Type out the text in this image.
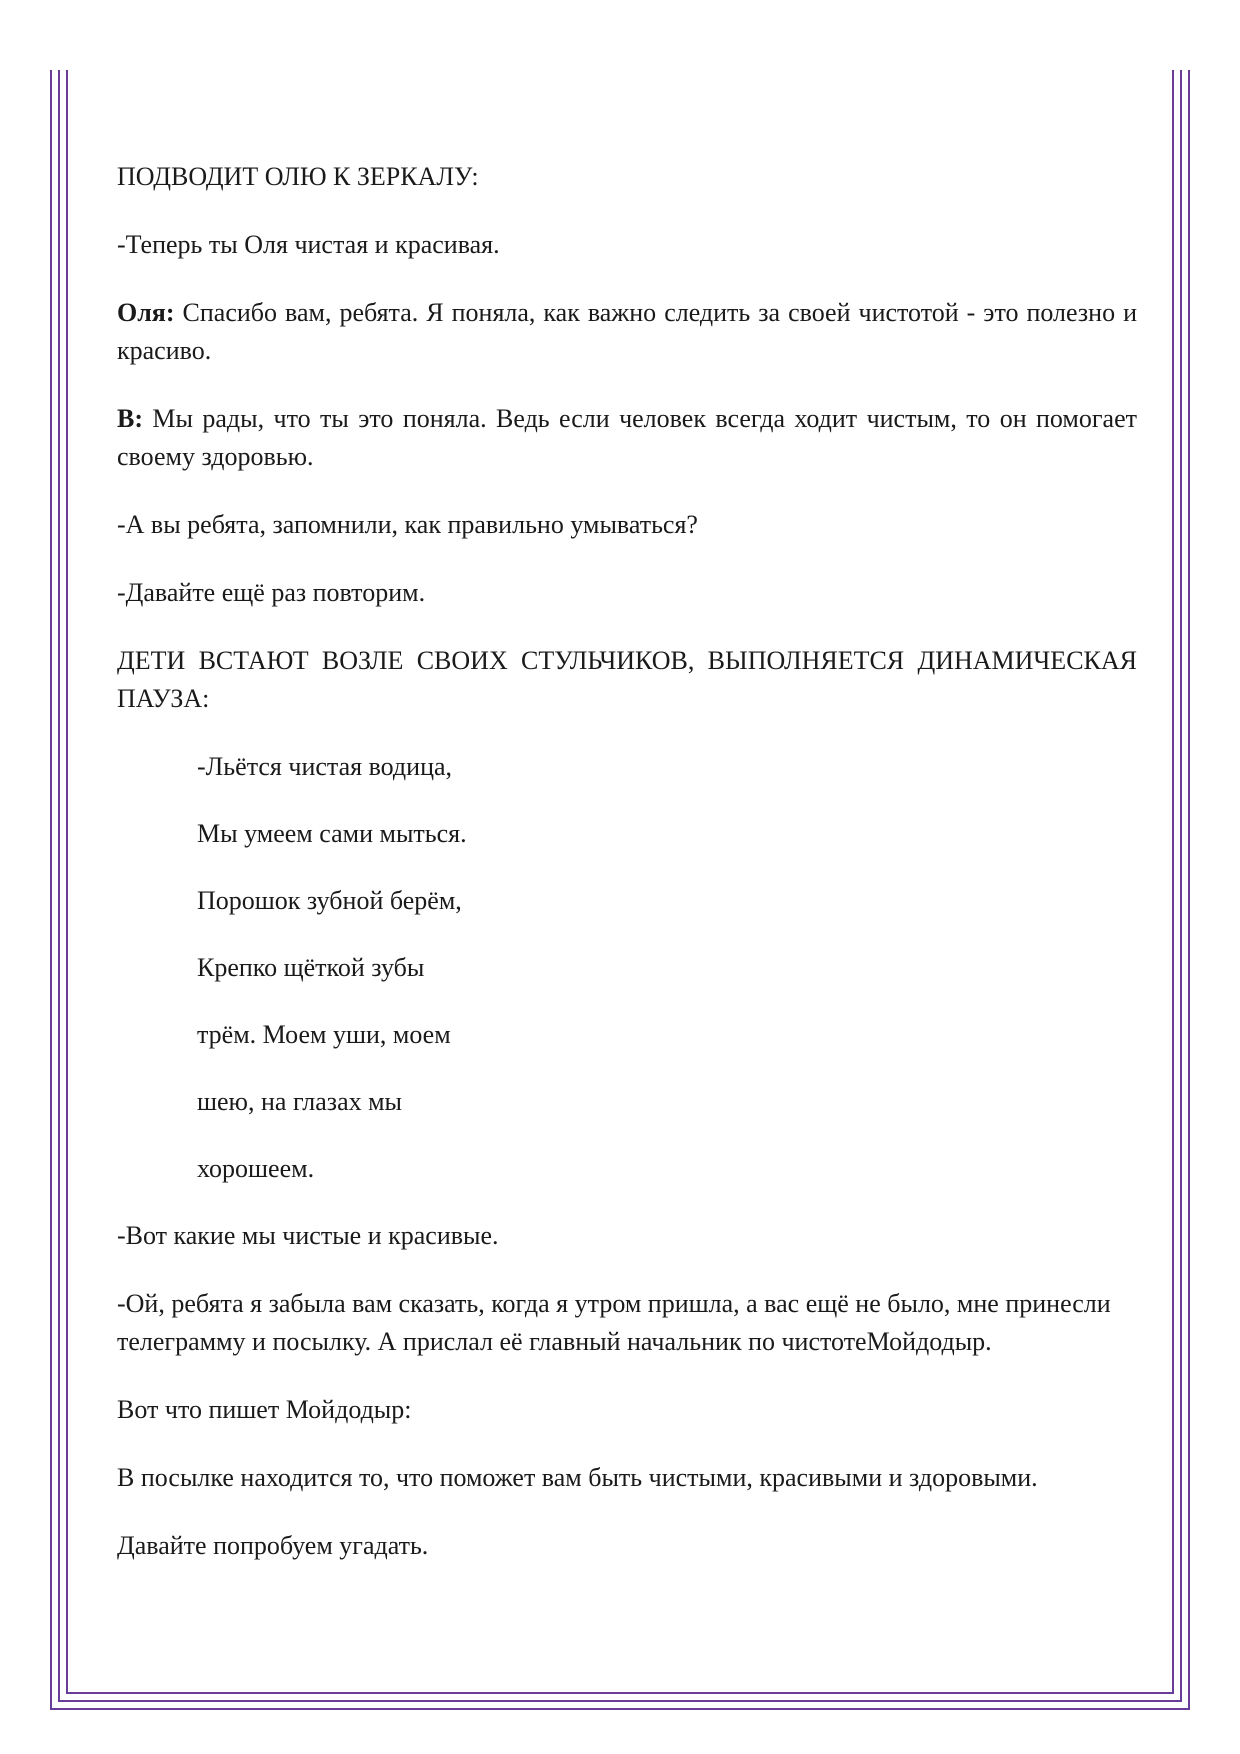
ПОДВОДИТ ОЛЮ К ЗЕРКАЛУ:

-Теперь ты Оля чистая и красивая.

Оля: Спасибо вам, ребята. Я поняла, как важно следить за своей чистотой - это полезно и красиво.

В: Мы рады, что ты это поняла. Ведь если человек всегда ходит чистым, то он помогает своему здоровью.

-А вы ребята, запомнили, как правильно умываться?

-Давайте ещё раз повторим.

ДЕТИ ВСТАЮТ ВОЗЛЕ СВОИХ СТУЛЬЧИКОВ, ВЫПОЛНЯЕТСЯ ДИНАМИЧЕСКАЯ ПАУЗА:

-Льётся чистая водица,

Мы умеем сами мыться.

Порошок зубной берём,

Крепко щёткой зубы

трём. Моем уши, моем

шею, на глазах мы

хорошеем.

-Вот какие мы чистые и красивые.

-Ой, ребята я забыла вам сказать, когда я утром пришла, а вас ещё не было, мне принесли телеграмму и посылку. А прислал её главный начальник по чистотеМойдодыр.

Вот что пишет Мойдодыр:

В посылке находится то, что поможет вам быть чистыми, красивыми и здоровыми.

Давайте попробуем угадать.
